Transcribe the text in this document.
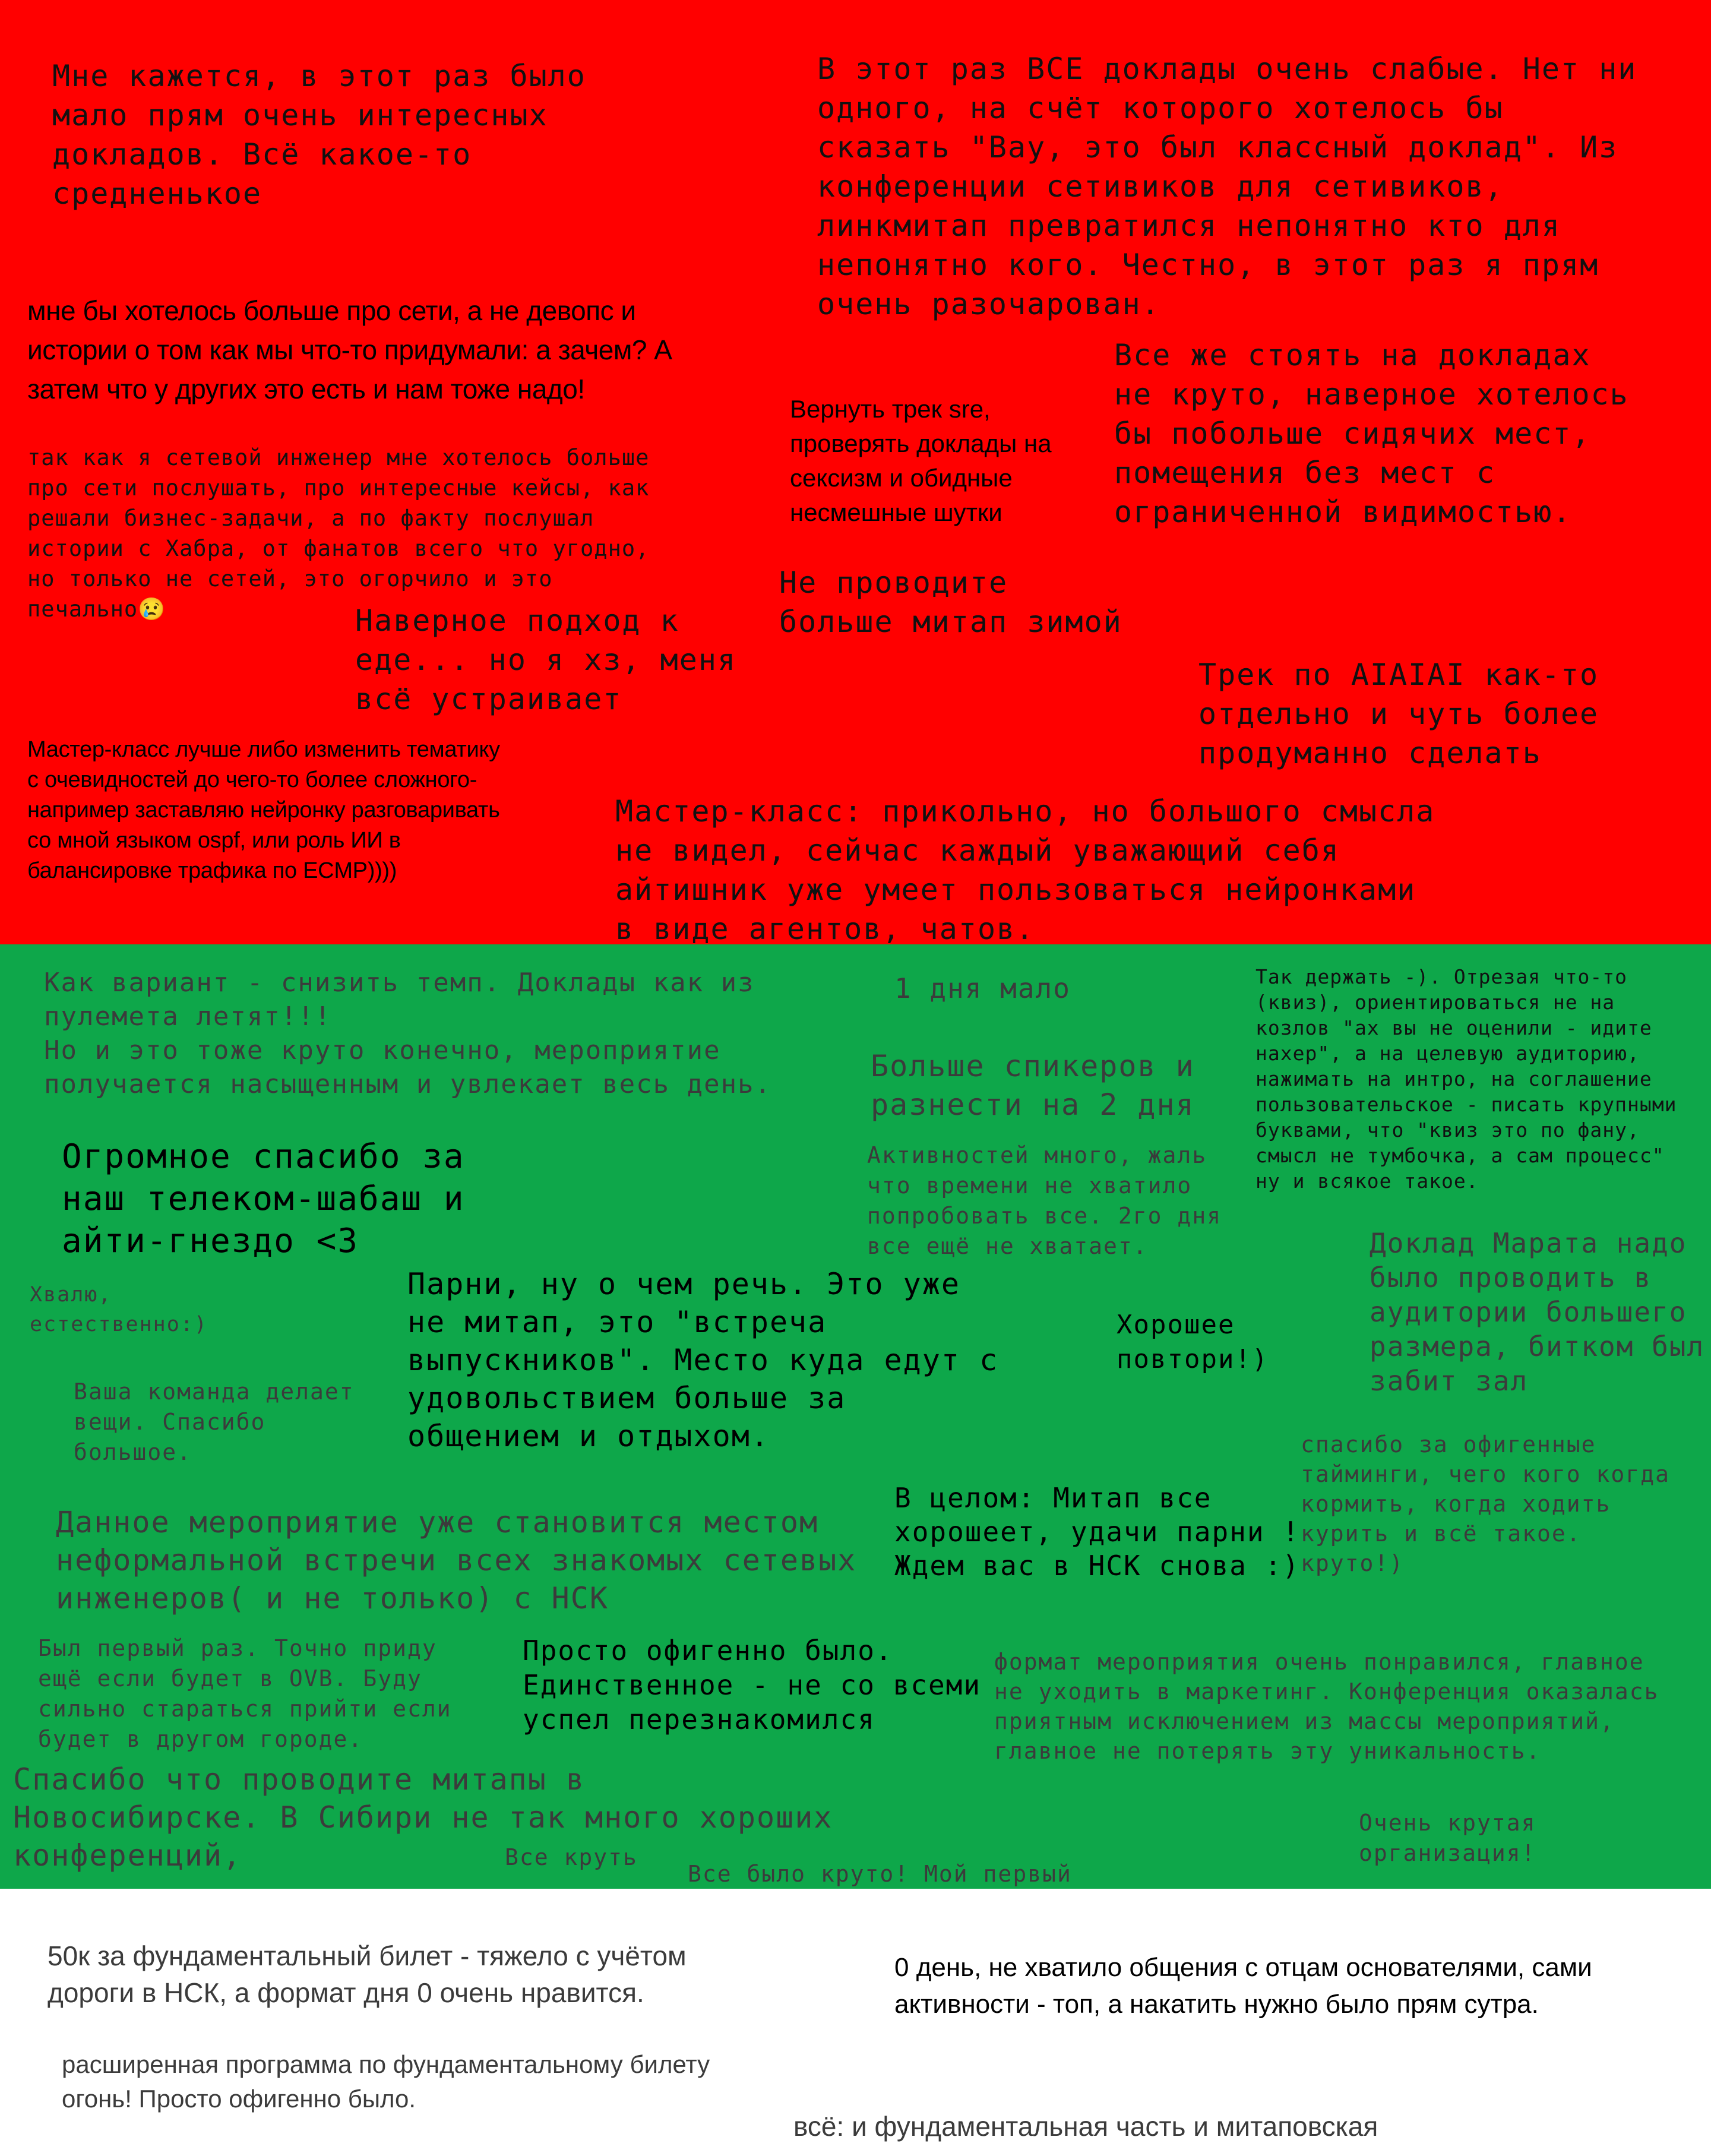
Мне кажется, в этот раз было
мало прям очень интересных
докладов. Всё какое-то
средненькое

В этот раз ВСЕ доклады очень слабые. Нет ни
одного, на счёт которого хотелось бы
сказать "Вау, это был классный доклад". Из
конференции сетивиков для сетивиков,
линкмитап превратился непонятно кто для
непонятно кого. Честно, в этот раз я прям
очень разочарован.

мне бы хотелось больше про сети, а не девопс и
истории о том как мы что-то придумали: а зачем? А
затем что у других это есть и нам тоже надо!

Вернуть трек sre,
проверять доклады на
сексизм и обидные
несмешные шутки

Все же стоять на докладах
не круто, наверное хотелось
бы побольше сидячих мест,
помещения без мест с
ограниченной видимостью.

так как я сетевой инженер мне хотелось больше
про сети послушать, про интересные кейсы, как
решали бизнес-задачи, а по факту послушал
истории с Хабра, от фанатов всего что угодно,
но только не сетей, это огорчило и это
печально😢

Не проводите
больше митап зимой

Наверное подход к
еде... но я хз, меня
всё устраивает

Трек по AIAIAI как-то
отдельно и чуть более
продуманно сделать

Мастер-класс лучше либо изменить тематику
с очевидностей до чего-то более сложного-
например заставляю нейронку разговаривать
со мной языком ospf, или роль ИИ в
балансировке трафика по ECMP))))

Мастер-класс: прикольно, но большого смысла
не видел, сейчас каждый уважающий себя
айтишник уже умеет пользоваться нейронками
в виде агентов, чатов.

Как вариант - снизить темп. Доклады как из
пулемета летят!!!
Но и это тоже круто конечно, мероприятие
получается насыщенным и увлекает весь день.

1 дня мало	Так держать -). Отрезая что-то
(квиз), ориентироваться не на
козлов "ах вы не оценили - идите
нахер", а на целевую аудиторию,
нажимать на интро, на соглашение
пользовательское - писать крупными
буквами, что "квиз это по фану,
смысл не тумбочка, а сам процесс"
ну и всякое такое.

Больше спикеров и
разнести на 2 дня

Огромное спасибо за
наш телеком-шабаш и
айти-гнездо <3

Активностей много, жаль
что времени не хватило
попробовать все. 2го дня
все ещё не хватает.	Доклад Марата надо
было проводить в
аудитории большего
размера, битком был
забит зал

Хвалю,
естественно:)

Парни, ну о чем речь. Это уже
не митап, это "встреча
выпускников". Место куда едут с
удовольствием больше за
общением и отдыхом.

Хорошее
повтори!)

Ваша команда делает
вещи. Спасибо
большое.	спасибо за офигенные
тайминги, чего кого когда
кормить, когда ходить
курить и всё такое.
круто!)

Данное мероприятие уже становится местом
неформальной встречи всех знакомых сетевых
инженеров( и не только) с НСК

В целом: Митап все
хорошеет, удачи парни !
Ждем вас в НСК снова :)

Был первый раз. Точно приду
ещё если будет в OVB. Буду
сильно стараться прийти если
будет в другом городе.

Просто офигенно было.
Единственное - не со всеми
успел перезнакомился

формат мероприятия очень понравился, главное
не уходить в маркетинг. Конференция оказалась
приятным исключением из массы мероприятий,
главное не потерять эту уникальность.

Спасибо что проводите митапы в
Новосибирске. В Сибири не так много хороших
конференций,

Очень крутая
организация!

Все круть

Все было круто! Мой первый

50к за фундаментальный билет - тяжело с учётом
дороги в НСК, а формат дня 0 очень нравится.

0 день, не хватило общения с отцам основателями, сами
активности - топ, а накатить нужно было прям сутра.

расширенная программа по фундаментальному билету
огонь! Просто офигенно было.

всё: и фундаментальная часть и митаповская
